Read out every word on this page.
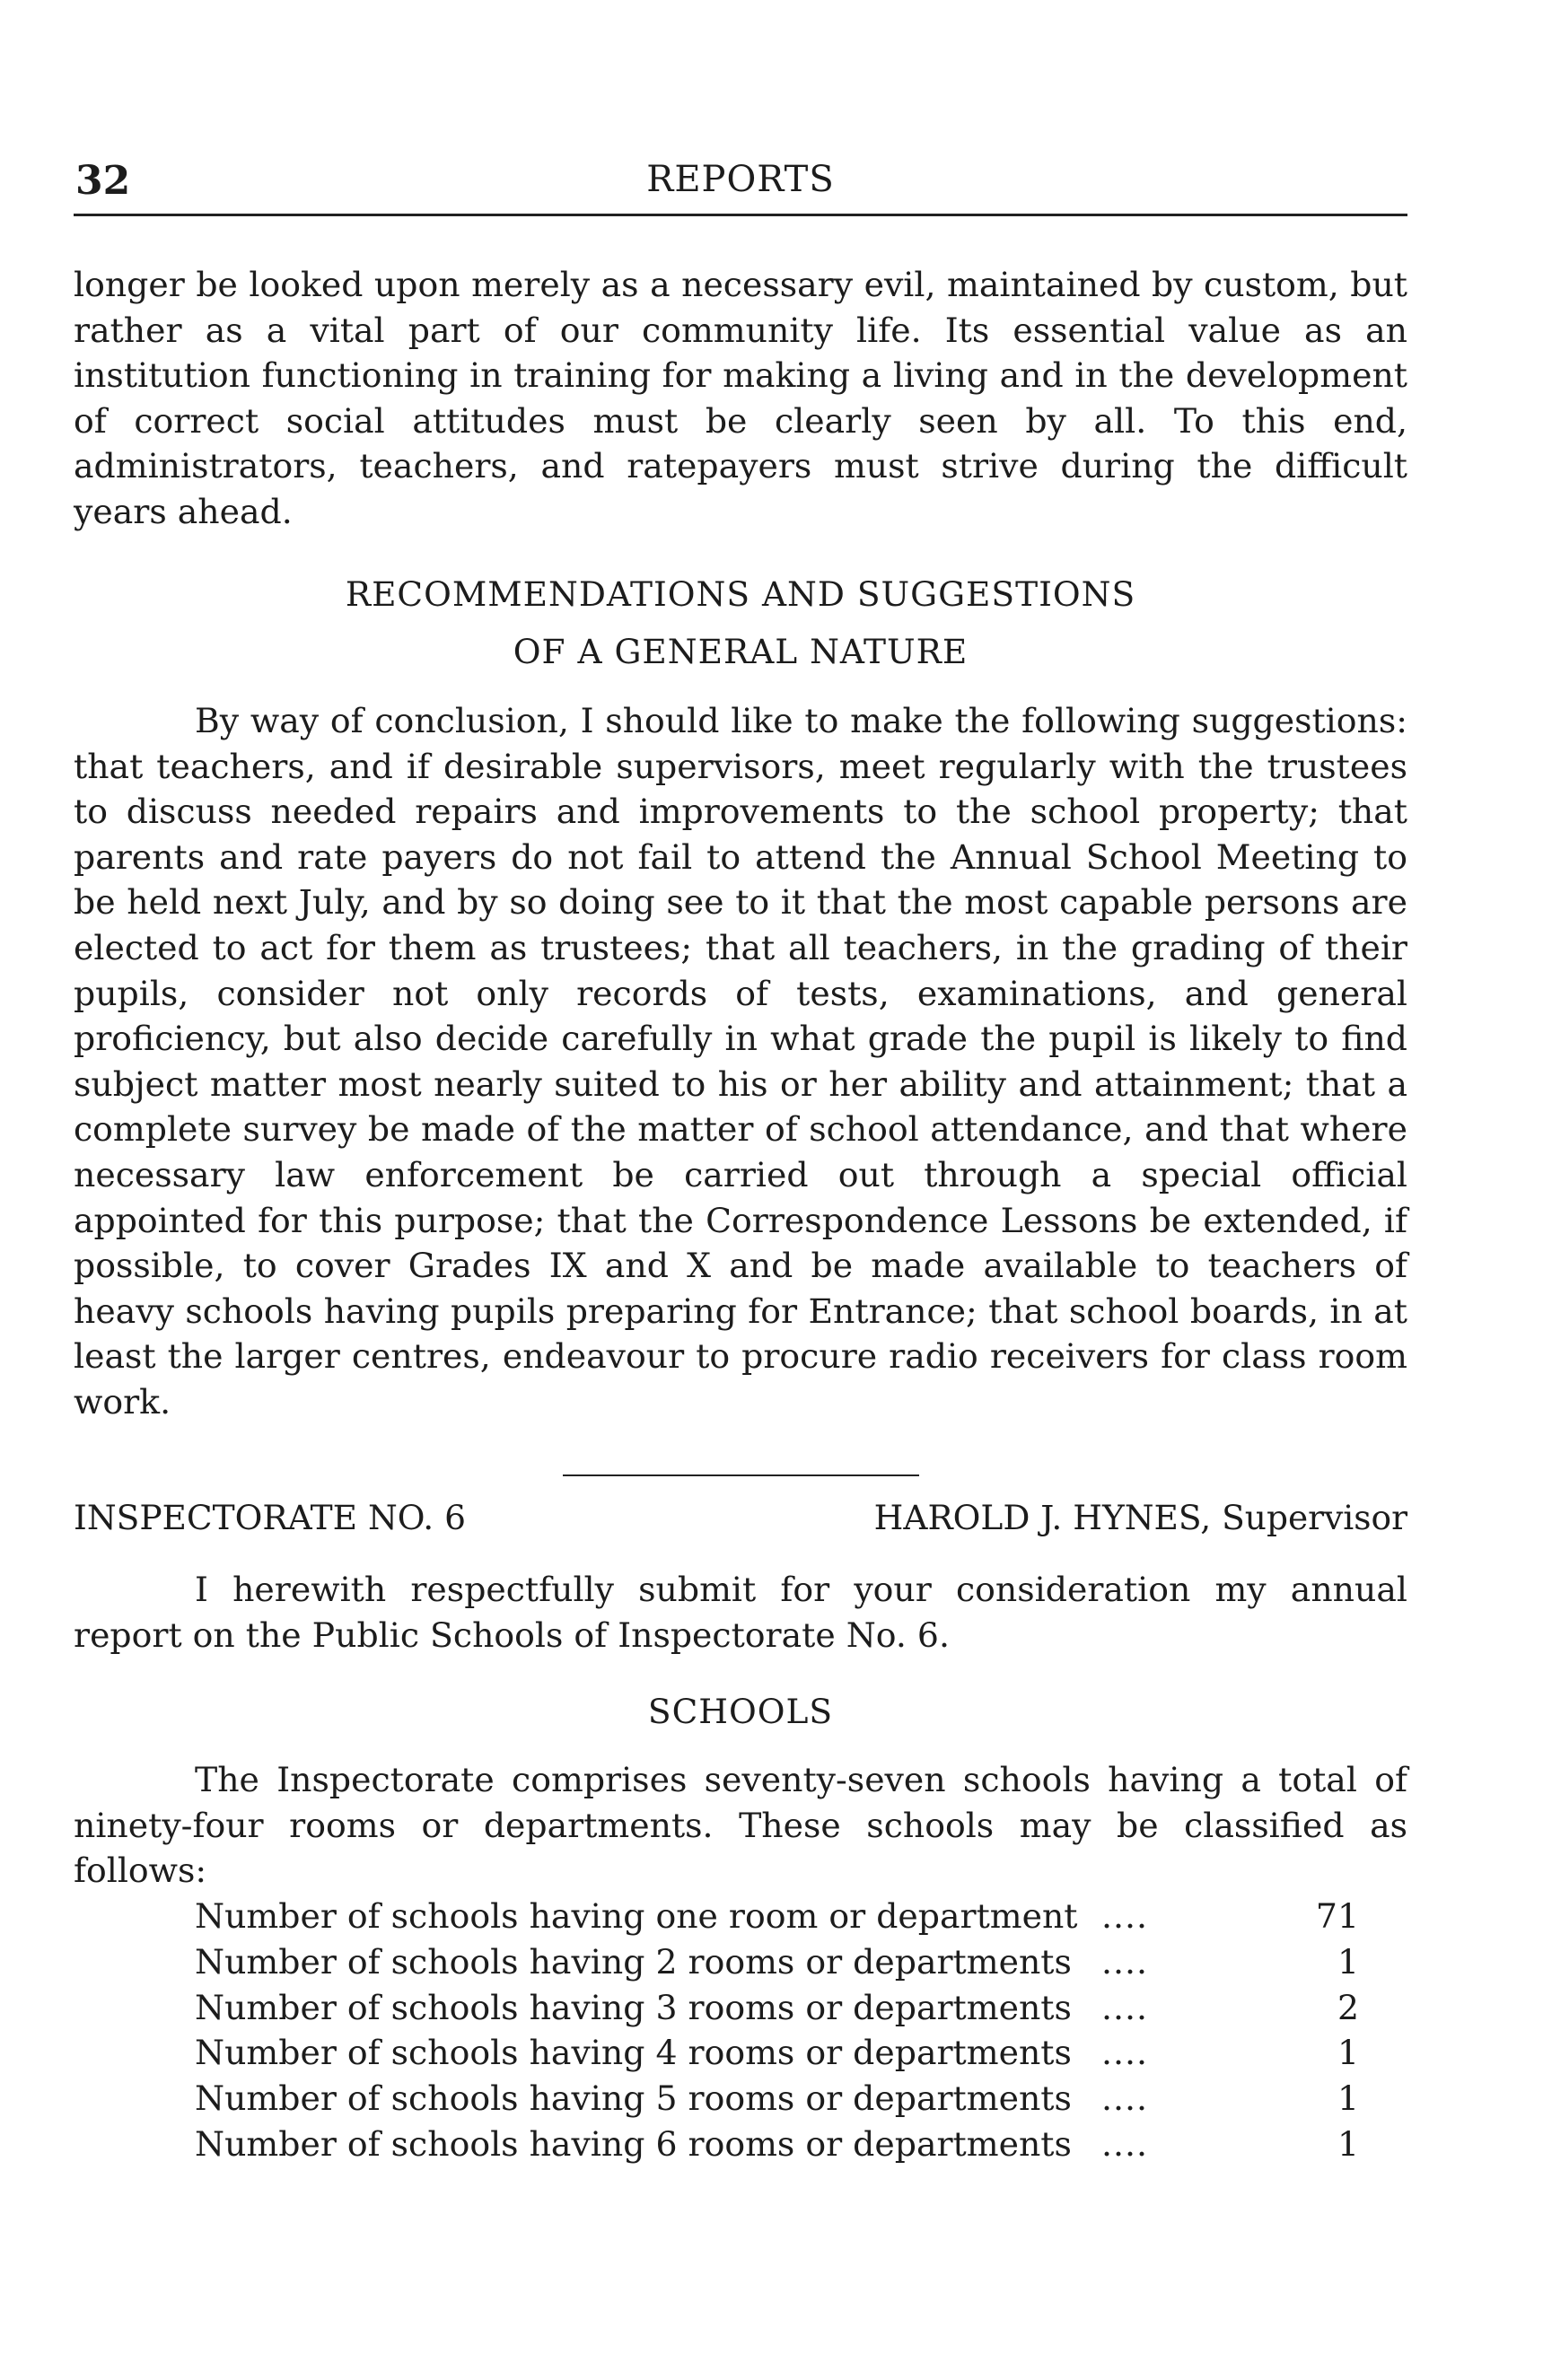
32	REPORTS

longer be looked upon merely as a necessary evil, maintained by custom, but rather as a vital part of our community life. Its essential value as an institution functioning in training for making a living and in the development of correct social attitudes must be clearly seen by all. To this end, administrators, teachers, and ratepayers must strive during the difficult years ahead.

RECOMMENDATIONS AND SUGGESTIONS
OF A GENERAL NATURE

By way of conclusion, I should like to make the following suggestions: that teachers, and if desirable supervisors, meet regularly with the trustees to discuss needed repairs and improvements to the school property; that parents and rate payers do not fail to attend the Annual School Meeting to be held next July, and by so doing see to it that the most capable persons are elected to act for them as trustees; that all teachers, in the grading of their pupils, consider not only records of tests, examinations, and general proficiency, but also decide carefully in what grade the pupil is likely to find subject matter most nearly suited to his or her ability and attainment; that a complete survey be made of the matter of school attendance, and that where necessary law enforcement be carried out through a special official appointed for this purpose; that the Correspondence Lessons be extended, if possible, to cover Grades IX and X and be made available to teachers of heavy schools having pupils preparing for Entrance; that school boards, in at least the larger centres, endeavour to procure radio receivers for class room work.

INSPECTORATE NO. 6	HAROLD J. HYNES, Supervisor

I herewith respectfully submit for your consideration my annual report on the Public Schools of Inspectorate No. 6.

SCHOOLS

The Inspectorate comprises seventy-seven schools having a total of ninety-four rooms or departments. These schools may be classified as follows:

Number of schools having one room or department ....	71
Number of schools having 2 rooms or departments ....	1
Number of schools having 3 rooms or departments ....	2
Number of schools having 4 rooms or departments ....	1
Number of schools having 5 rooms or departments ....	1
Number of schools having 6 rooms or departments ....	1
